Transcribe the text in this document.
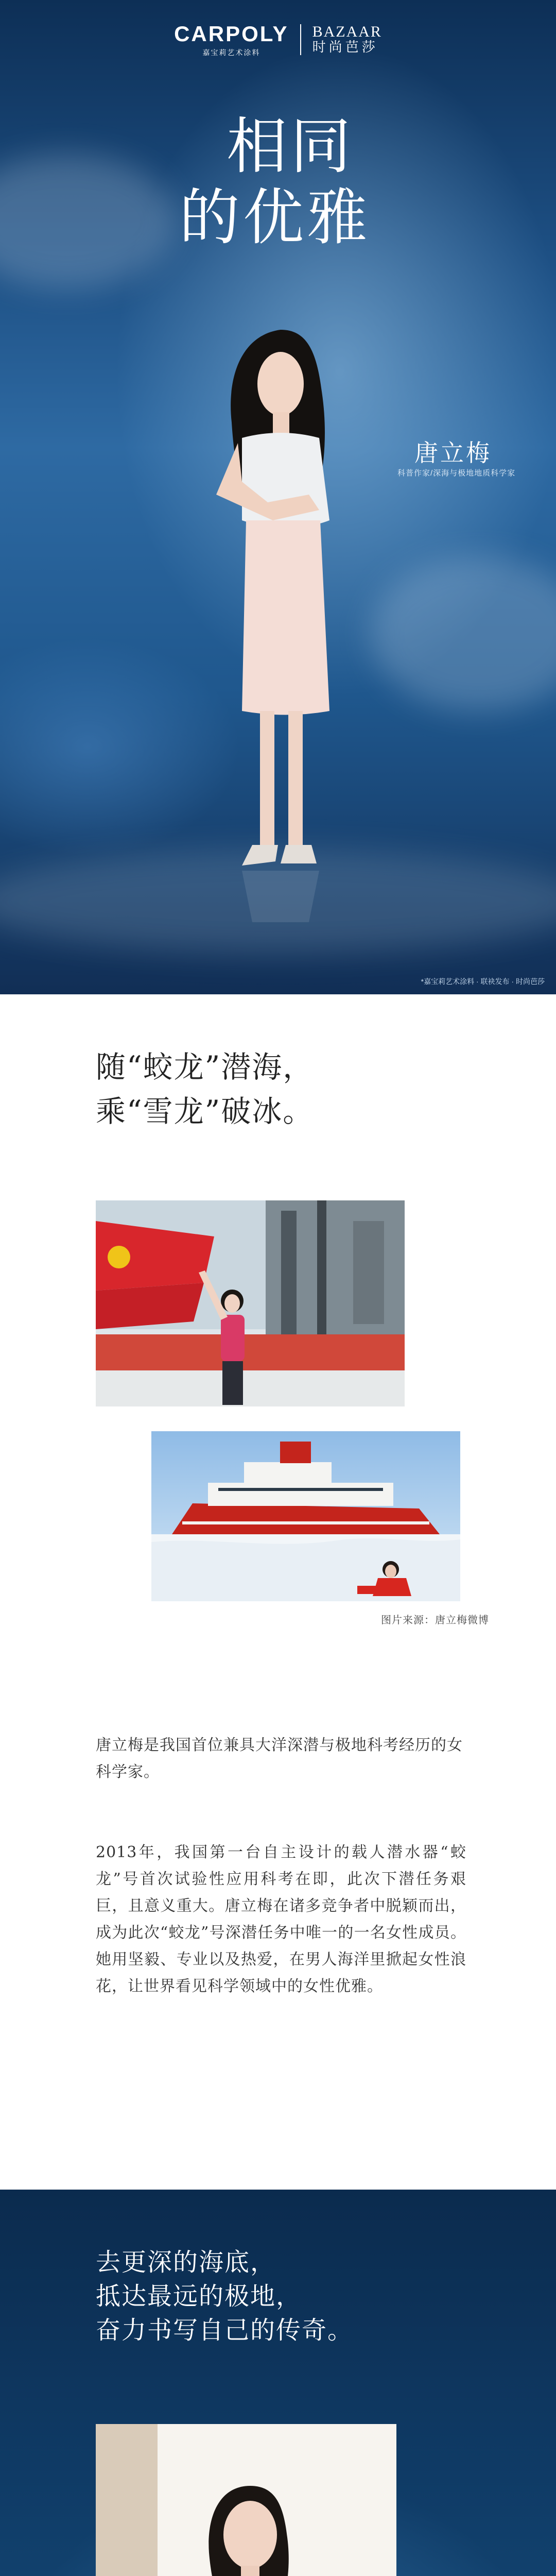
CARPOLY
嘉宝莉艺术涂料
BAZAAR
时尚芭莎
相同
的优雅
唐立梅
科普作家/深海与极地地质科学家
*嘉宝莉艺术涂料 · 联袂发布 · 时尚芭莎
随“蛟龙”潜海，
乘“雪龙”破冰。
图片来源：唐立梅微博

唐立梅是我国首位兼具大洋深潜与极地科考经历的女科学家。

2013年，我国第一台自主设计的载人潜水器“蛟龙”号首次试验性应用科考在即，此次下潜任务艰巨，且意义重大。唐立梅在诸多竞争者中脱颖而出，成为此次“蛟龙”号深潜任务中唯一的一名女性成员。她用坚毅、专业以及热爱，在男人海洋里掀起女性浪花，让世界看见科学领域中的女性优雅。

去更深的海底，
抵达最远的极地，
奋力书写自己的传奇。
